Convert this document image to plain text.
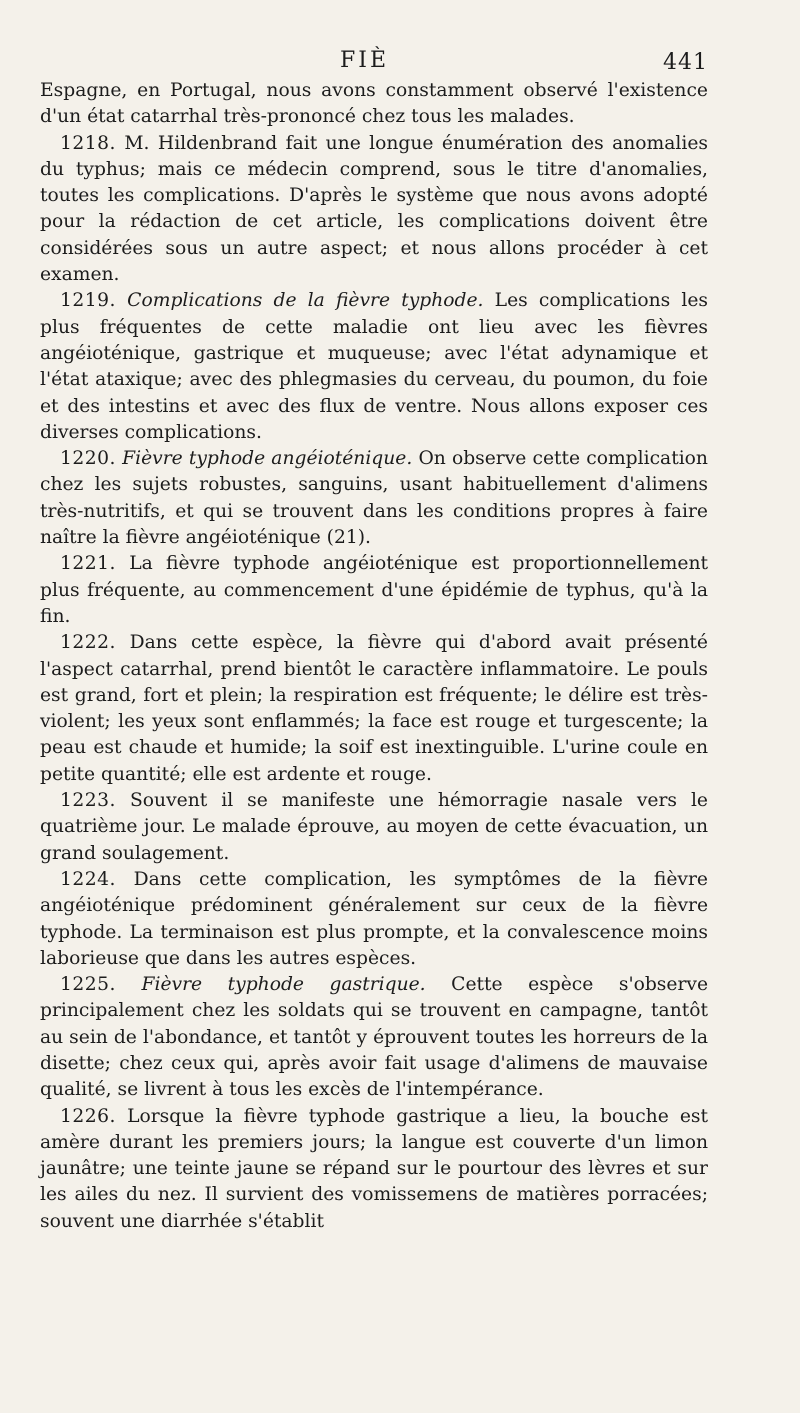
FIÈ	441

Espagne, en Portugal, nous avons constamment observé l'existence d'un état catarrhal très-prononcé chez tous les malades.

1218. M. Hildenbrand fait une longue énumération des anomalies du typhus; mais ce médecin comprend, sous le titre d'anomalies, toutes les complications. D'après le système que nous avons adopté pour la rédaction de cet article, les complications doivent être considérées sous un autre aspect; et nous allons procéder à cet examen.

1219. Complications de la fièvre typhode. Les complications les plus fréquentes de cette maladie ont lieu avec les fièvres angéioténique, gastrique et muqueuse; avec l'état adynamique et l'état ataxique; avec des phlegmasies du cerveau, du poumon, du foie et des intestins et avec des flux de ventre. Nous allons exposer ces diverses complications.

1220. Fièvre typhode angéioténique. On observe cette complication chez les sujets robustes, sanguins, usant habituellement d'alimens très-nutritifs, et qui se trouvent dans les conditions propres à faire naître la fièvre angéioténique (21).

1221. La fièvre typhode angéioténique est proportionnellement plus fréquente, au commencement d'une épidémie de typhus, qu'à la fin.

1222. Dans cette espèce, la fièvre qui d'abord avait présenté l'aspect catarrhal, prend bientôt le caractère inflammatoire. Le pouls est grand, fort et plein; la respiration est fréquente; le délire est très-violent; les yeux sont enflammés; la face est rouge et turgescente; la peau est chaude et humide; la soif est inextinguible. L'urine coule en petite quantité; elle est ardente et rouge.

1223. Souvent il se manifeste une hémorragie nasale vers le quatrième jour. Le malade éprouve, au moyen de cette évacuation, un grand soulagement.

1224. Dans cette complication, les symptômes de la fièvre angéioténique prédominent généralement sur ceux de la fièvre typhode. La terminaison est plus prompte, et la convalescence moins laborieuse que dans les autres espèces.

1225. Fièvre typhode gastrique. Cette espèce s'observe principalement chez les soldats qui se trouvent en campagne, tantôt au sein de l'abondance, et tantôt y éprouvent toutes les horreurs de la disette; chez ceux qui, après avoir fait usage d'alimens de mauvaise qualité, se livrent à tous les excès de l'intempérance.

1226. Lorsque la fièvre typhode gastrique a lieu, la bouche est amère durant les premiers jours; la langue est couverte d'un limon jaunâtre; une teinte jaune se répand sur le pourtour des lèvres et sur les ailes du nez. Il survient des vomissemens de matières porracées; souvent une diarrhée s'établit
